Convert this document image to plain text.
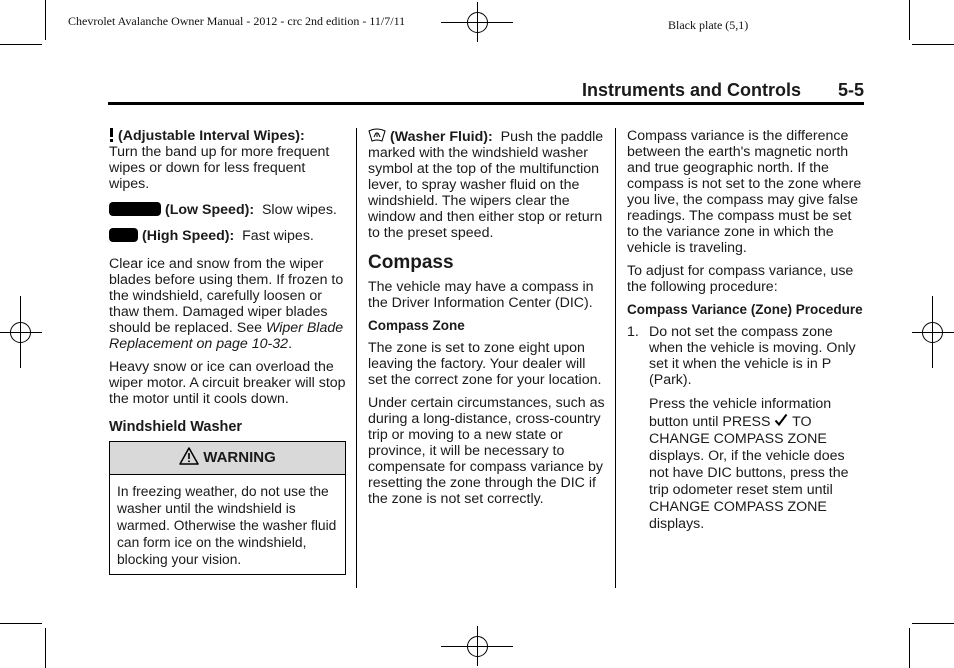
Chevrolet Avalanche Owner Manual - 2012 - crc 2nd edition - 11/7/11	Black plate (5,1)
Instruments and Controls 5-5

(Adjustable Interval Wipes):
Turn the band up for more frequent wipes or down for less frequent wipes.

(Low Speed): Slow wipes.

(High Speed): Fast wipes.

Clear ice and snow from the wiper blades before using them. If frozen to the windshield, carefully loosen or thaw them. Damaged wiper blades should be replaced. See Wiper Blade Replacement on page 10-32.

Heavy snow or ice can overload the wiper motor. A circuit breaker will stop the motor until it cools down.

Windshield Washer
WARNING
In freezing weather, do not use the washer until the windshield is warmed. Otherwise the washer fluid can form ice on the windshield, blocking your vision.

(Washer Fluid): Push the paddle marked with the windshield washer symbol at the top of the multifunction lever, to spray washer fluid on the windshield. The wipers clear the window and then either stop or return to the preset speed.

Compass

The vehicle may have a compass in the Driver Information Center (DIC).

Compass Zone

The zone is set to zone eight upon leaving the factory. Your dealer will set the correct zone for your location.

Under certain circumstances, such as during a long-distance, cross-country trip or moving to a new state or province, it will be necessary to compensate for compass variance by resetting the zone through the DIC if the zone is not set correctly.

Compass variance is the difference between the earth's magnetic north and true geographic north. If the compass is not set to the zone where you live, the compass may give false readings. The compass must be set to the variance zone in which the vehicle is traveling.

To adjust for compass variance, use the following procedure:

Compass Variance (Zone) Procedure
1. Do not set the compass zone when the vehicle is moving. Only set it when the vehicle is in P (Park).

Press the vehicle information button until PRESS TO CHANGE COMPASS ZONE displays. Or, if the vehicle does not have DIC buttons, press the trip odometer reset stem until CHANGE COMPASS ZONE displays.
